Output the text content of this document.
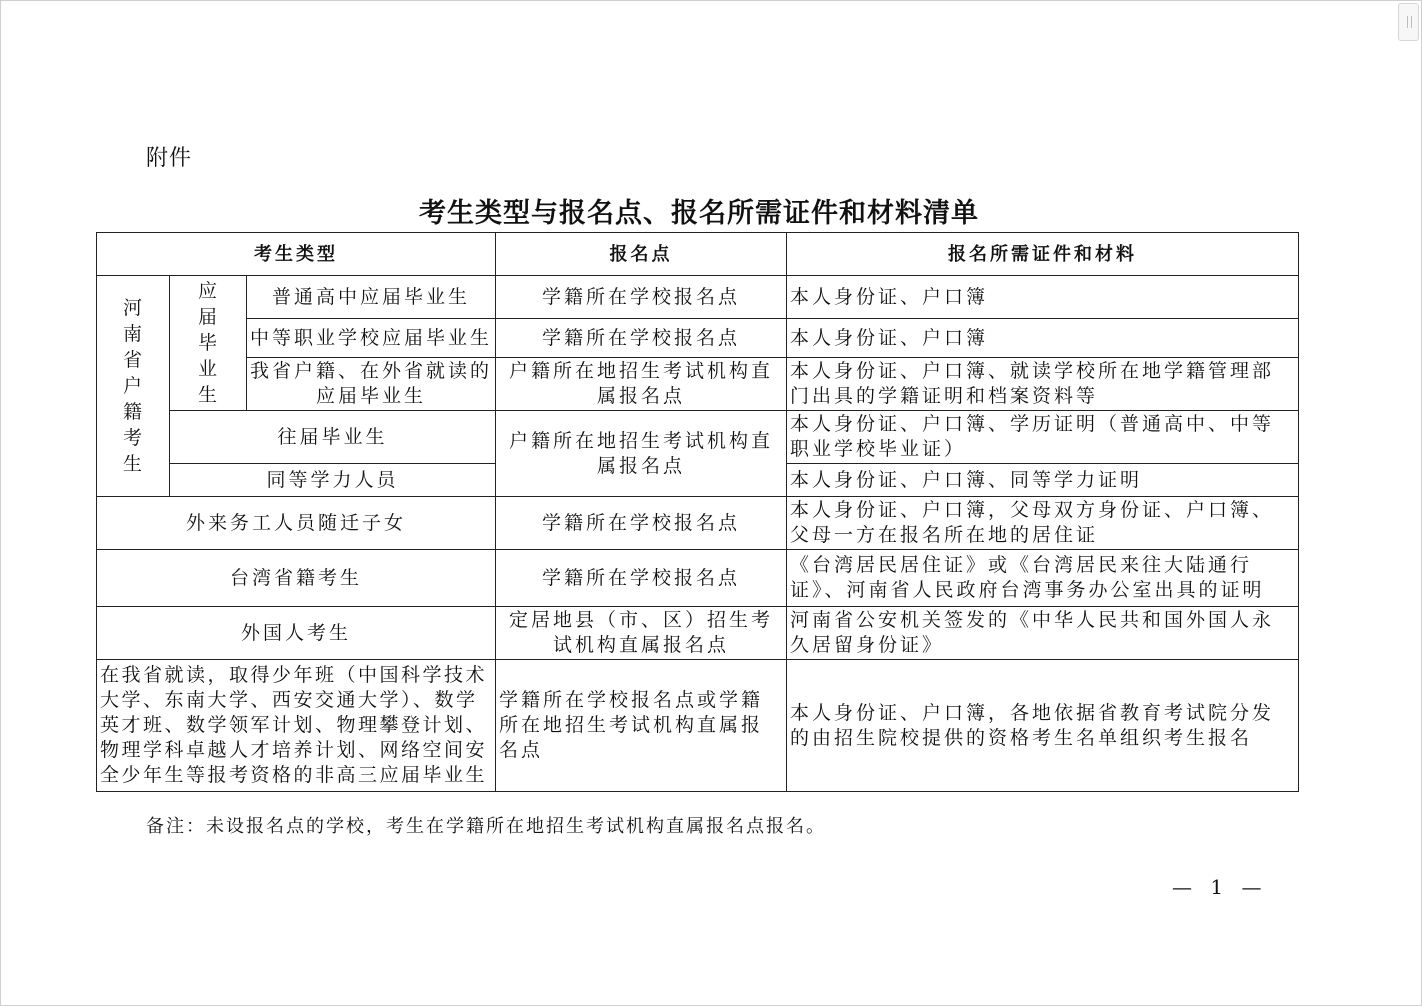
附件
考生类型与报名点、报名所需证件和材料清单
考生类型			报名点	报名所需证件和材料

河南省户籍考生	应届毕业生	普通高中应届毕业生	学籍所在学校报名点	本人身份证、户口簿
		中等职业学校应届毕业生	学籍所在学校报名点	本人身份证、户口簿
		我省户籍、在外省就读的应届毕业生	户籍所在地招生考试机构直属报名点	本人身份证、户口簿、就读学校所在地学籍管理部门出具的学籍证明和档案资料等
	往届毕业生		户籍所在地招生考试机构直属报名点	本人身份证、户口簿、学历证明（普通高中、中等职业学校毕业证）
	同等学力人员			本人身份证、户口簿、同等学力证明
外来务工人员随迁子女			学籍所在学校报名点	本人身份证、户口簿，父母双方身份证、户口簿、父母一方在报名所在地的居住证
台湾省籍考生			学籍所在学校报名点	《台湾居民居住证》或《台湾居民来往大陆通行证》、河南省人民政府台湾事务办公室出具的证明
外国人考生			定居地县（市、区）招生考试机构直属报名点	河南省公安机关签发的《中华人民共和国外国人永久居留身份证》
在我省就读，取得少年班（中国科学技术大学、东南大学、西安交通大学）、数学英才班、数学领军计划、物理攀登计划、物理学科卓越人才培养计划、网络空间安全少年生等报考资格的非高三应届毕业生			学籍所在学校报名点或学籍所在地招生考试机构直属报名点	本人身份证、户口簿，各地依据省教育考试院分发的由招生院校提供的资格考生名单组织考生报名
备注：未设报名点的学校，考生在学籍所在地招生考试机构直属报名点报名。
— 1 —
